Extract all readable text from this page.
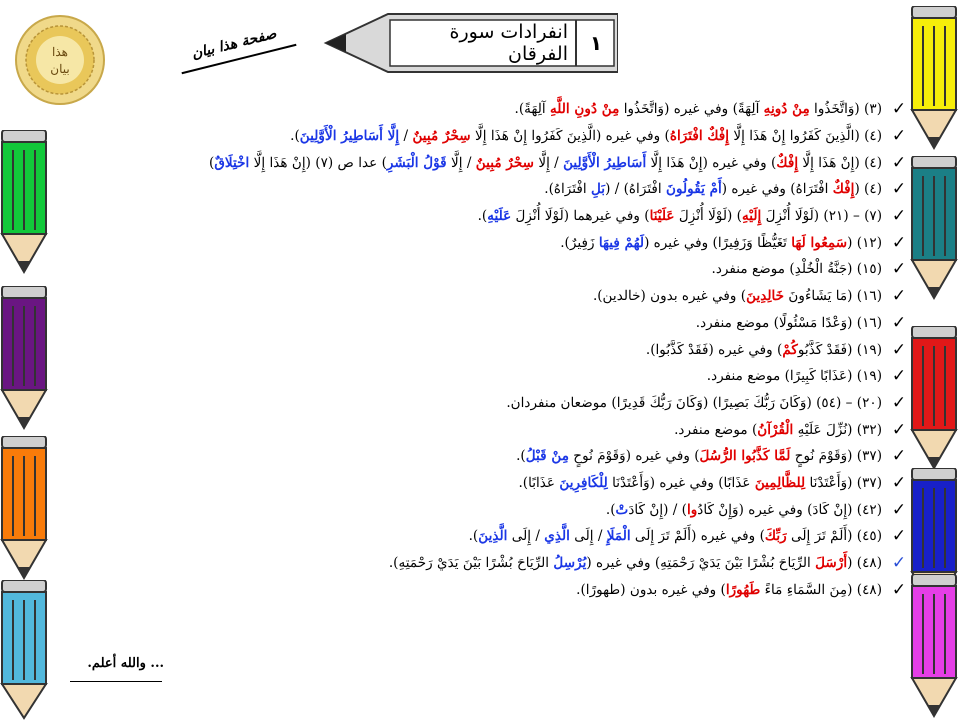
هذا
بيان
صفحة هذا بيان	انفرادات سورة الفرقان	١
✓
(٣) (وَاتَّخَذُوا مِنْ دُونِهِ آلِهَةً) وفي غيره (وَاتَّخَذُوا مِنْ دُونِ اللَّهِ آلِهَةً).
✓
(٤) (الَّذِينَ كَفَرُوا إِنْ هَذَا إِلَّا إِفْكٌ افْتَرَاهُ) وفي غيره (الَّذِينَ كَفَرُوا إِنْ هَذَا إِلَّا سِحْرٌ مُبِينٌ / إِلَّا أَسَاطِيرُ الْأَوَّلِينَ).
✓
(٤) (إِنْ هَذَا إِلَّا إِفْكٌ) وفي غيره (إِنْ هَذَا إِلَّا أَسَاطِيرُ الْأَوَّلِينَ / إِلَّا سِحْرٌ مُبِينٌ / إِلَّا قَوْلُ الْبَشَرِ) عدا ص (٧) (إِنْ هَذَا إِلَّا اخْتِلَاقٌ)
✓
(٤) (إِفْكٌ افْتَرَاهُ) وفي غيره (أَمْ يَقُولُونَ افْتَرَاهُ) / (بَلِ افْتَرَاهُ).
✓
(٧) – (٢١) (لَوْلَا أُنْزِلَ إِلَيْهِ) (لَوْلَا أُنْزِلَ عَلَيْنَا) وفي غيرهما (لَوْلَا أُنْزِلَ عَلَيْهِ).
✓
(١٢) (سَمِعُوا لَهَا تَغَيُّظًا وَزَفِيرًا) وفي غيره (لَهُمْ فِيهَا زَفِيرٌ).
✓
(١٥) (جَنَّةُ الْخُلْدِ) موضع منفرد.
✓
(١٦) (مَا يَشَاءُونَ خَالِدِينَ) وفي غيره بدون (خالدين).
✓
(١٦) (وَعْدًا مَسْئُولًا) موضع منفرد.
✓
(١٩) (فَقَدْ كَذَّبُوكُمْ) وفي غيره (فَقَدْ كَذَّبُوا).
✓
(١٩) (عَذَابًا كَبِيرًا) موضع منفرد.
✓
(٢٠) – (٥٤) (وَكَانَ رَبُّكَ بَصِيرًا) (وَكَانَ رَبُّكَ قَدِيرًا) موضعان منفردان.
✓
(٣٢) (نُزِّلَ عَلَيْهِ الْقُرْآنُ) موضع منفرد.
✓
(٣٧) (وَقَوْمَ نُوحٍ لَمَّا كَذَّبُوا الرُّسُلَ) وفي غيره (وَقَوْمَ نُوحٍ مِنْ قَبْلُ).
✓
(٣٧) (وَأَعْتَدْنَا لِلظَّالِمِينَ عَذَابًا) وفي غيره (وَأَعْتَدْنَا لِلْكَافِرِينَ عَذَابًا).
✓
(٤٢) (إِنْ كَادَ) وفي غيره (وَإِنْ كَادُوا) / (إِنْ كَادَتْ).
✓
(٤٥) (أَلَمْ تَرَ إِلَى رَبِّكَ) وفي غيره (أَلَمْ تَرَ إِلَى الْمَلَإِ / إِلَى الَّذِي / إِلَى الَّذِينَ).
✓
(٤٨) (أَرْسَلَ الرِّيَاحَ بُشْرًا بَيْنَ يَدَيْ رَحْمَتِهِ) وفي غيره (يُرْسِلُ الرِّيَاحَ بُشْرًا بَيْنَ يَدَيْ رَحْمَتِهِ).
✓
(٤٨) (مِنَ السَّمَاءِ مَاءً طَهُورًا) وفي غيره بدون (طهورًا).
... والله أعلم.
